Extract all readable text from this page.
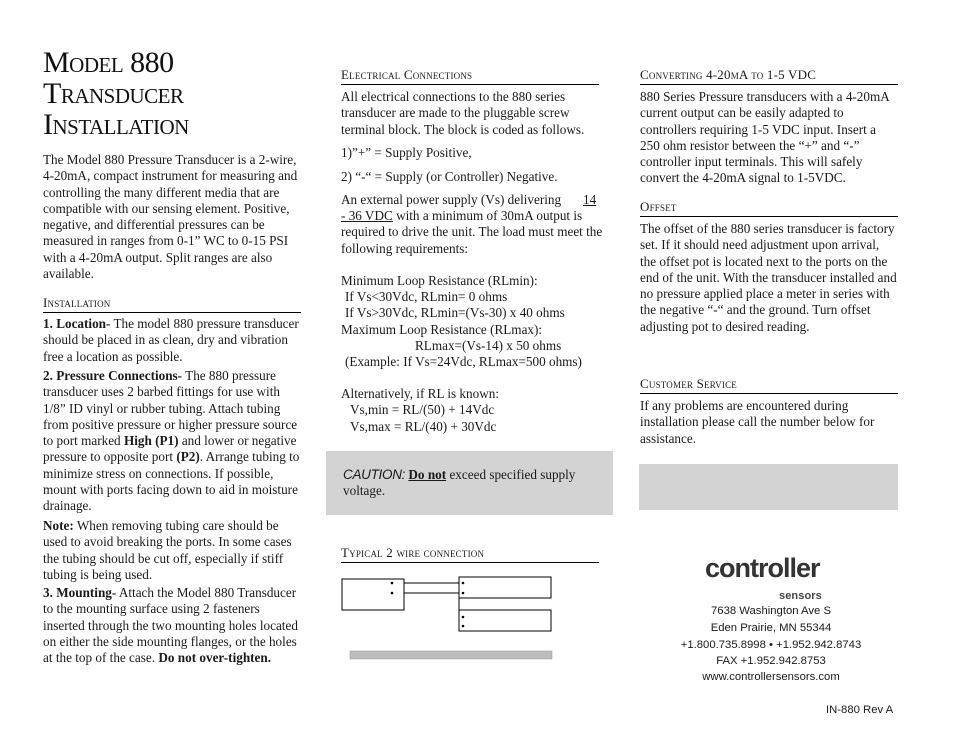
Model 880
Transducer
Installation

The Model 880 Pressure Transducer is a 2-wire, 4-20mA, compact instrument for measuring and controlling the many different media that are compatible with our sensing element. Positive, negative, and differential pressures can be measured in ranges from 0-1” WC to 0-15 PSI with a 4-20mA output. Split ranges are also available.

Installation

1. Location- The model 880 pressure transducer should be placed in as clean, dry and vibration free a location as possible.

2. Pressure Connections- The 880 pressure transducer uses 2 barbed fittings for use with 1/8” ID vinyl or rubber tubing. Attach tubing from positive pressure or higher pressure source to port marked High (P1) and lower or negative pressure to opposite port (P2). Arrange tubing to minimize stress on connections. If possible, mount with ports facing down to aid in moisture drainage.

Note: When removing tubing care should be used to avoid breaking the ports. In some cases the tubing should be cut off, especially if stiff tubing is being used.

3. Mounting- Attach the Model 880 Transducer to the mounting surface using 2 fasteners inserted through the two mounting holes located on either the side mounting flanges, or the holes at the top of the case. Do not over-tighten.

Electrical Connections

All electrical connections to the 880 series transducer are made to the pluggable screw terminal block. The block is coded as follows.

1)”+” = Supply Positive,
2) “-“ = Supply (or Controller) Negative.
An external power supply (Vs) delivering 14

- 36 VDC with a minimum of 30mA output is required to drive the unit. The load must meet the following requirements:

Minimum Loop Resistance (RLmin):
If Vs<30Vdc, RLmin= 0 ohms
If Vs>30Vdc, RLmin=(Vs-30) x 40 ohms
Maximum Loop Resistance (RLmax):
RLmax=(Vs-14) x 50 ohms
(Example: If Vs=24Vdc, RLmax=500 ohms)
Alternatively, if RL is known:
Vs,min = RL/(50) + 14Vdc
Vs,max = RL/(40) + 30Vdc

CAUTION: Do not exceed specified supply voltage.

Typical 2 wire connection
Converting 4-20mA to 1-5 VDC

880 Series Pressure transducers with a 4-20mA current output can be easily adapted to controllers requiring 1-5 VDC input. Insert a 250 ohm resistor between the “+” and “-” controller input terminals. This will safely convert the 4-20mA signal to 1-5VDC.

Offset

The offset of the 880 series transducer is factory set. If it should need adjustment upon arrival, the offset pot is located next to the ports on the end of the unit. With the transducer installed and no pressure applied place a meter in series with the negative “-“ and the ground. Turn offset adjusting pot to desired reading.

Customer Service

If any problems are encountered during installation please call the number below for assistance.

controller
sensors
7638 Washington Ave S
Eden Prairie, MN 55344
+1.800.735.8998 • +1.952.942.8743
FAX +1.952.942.8753
www.controllersensors.com
IN-880 Rev A
